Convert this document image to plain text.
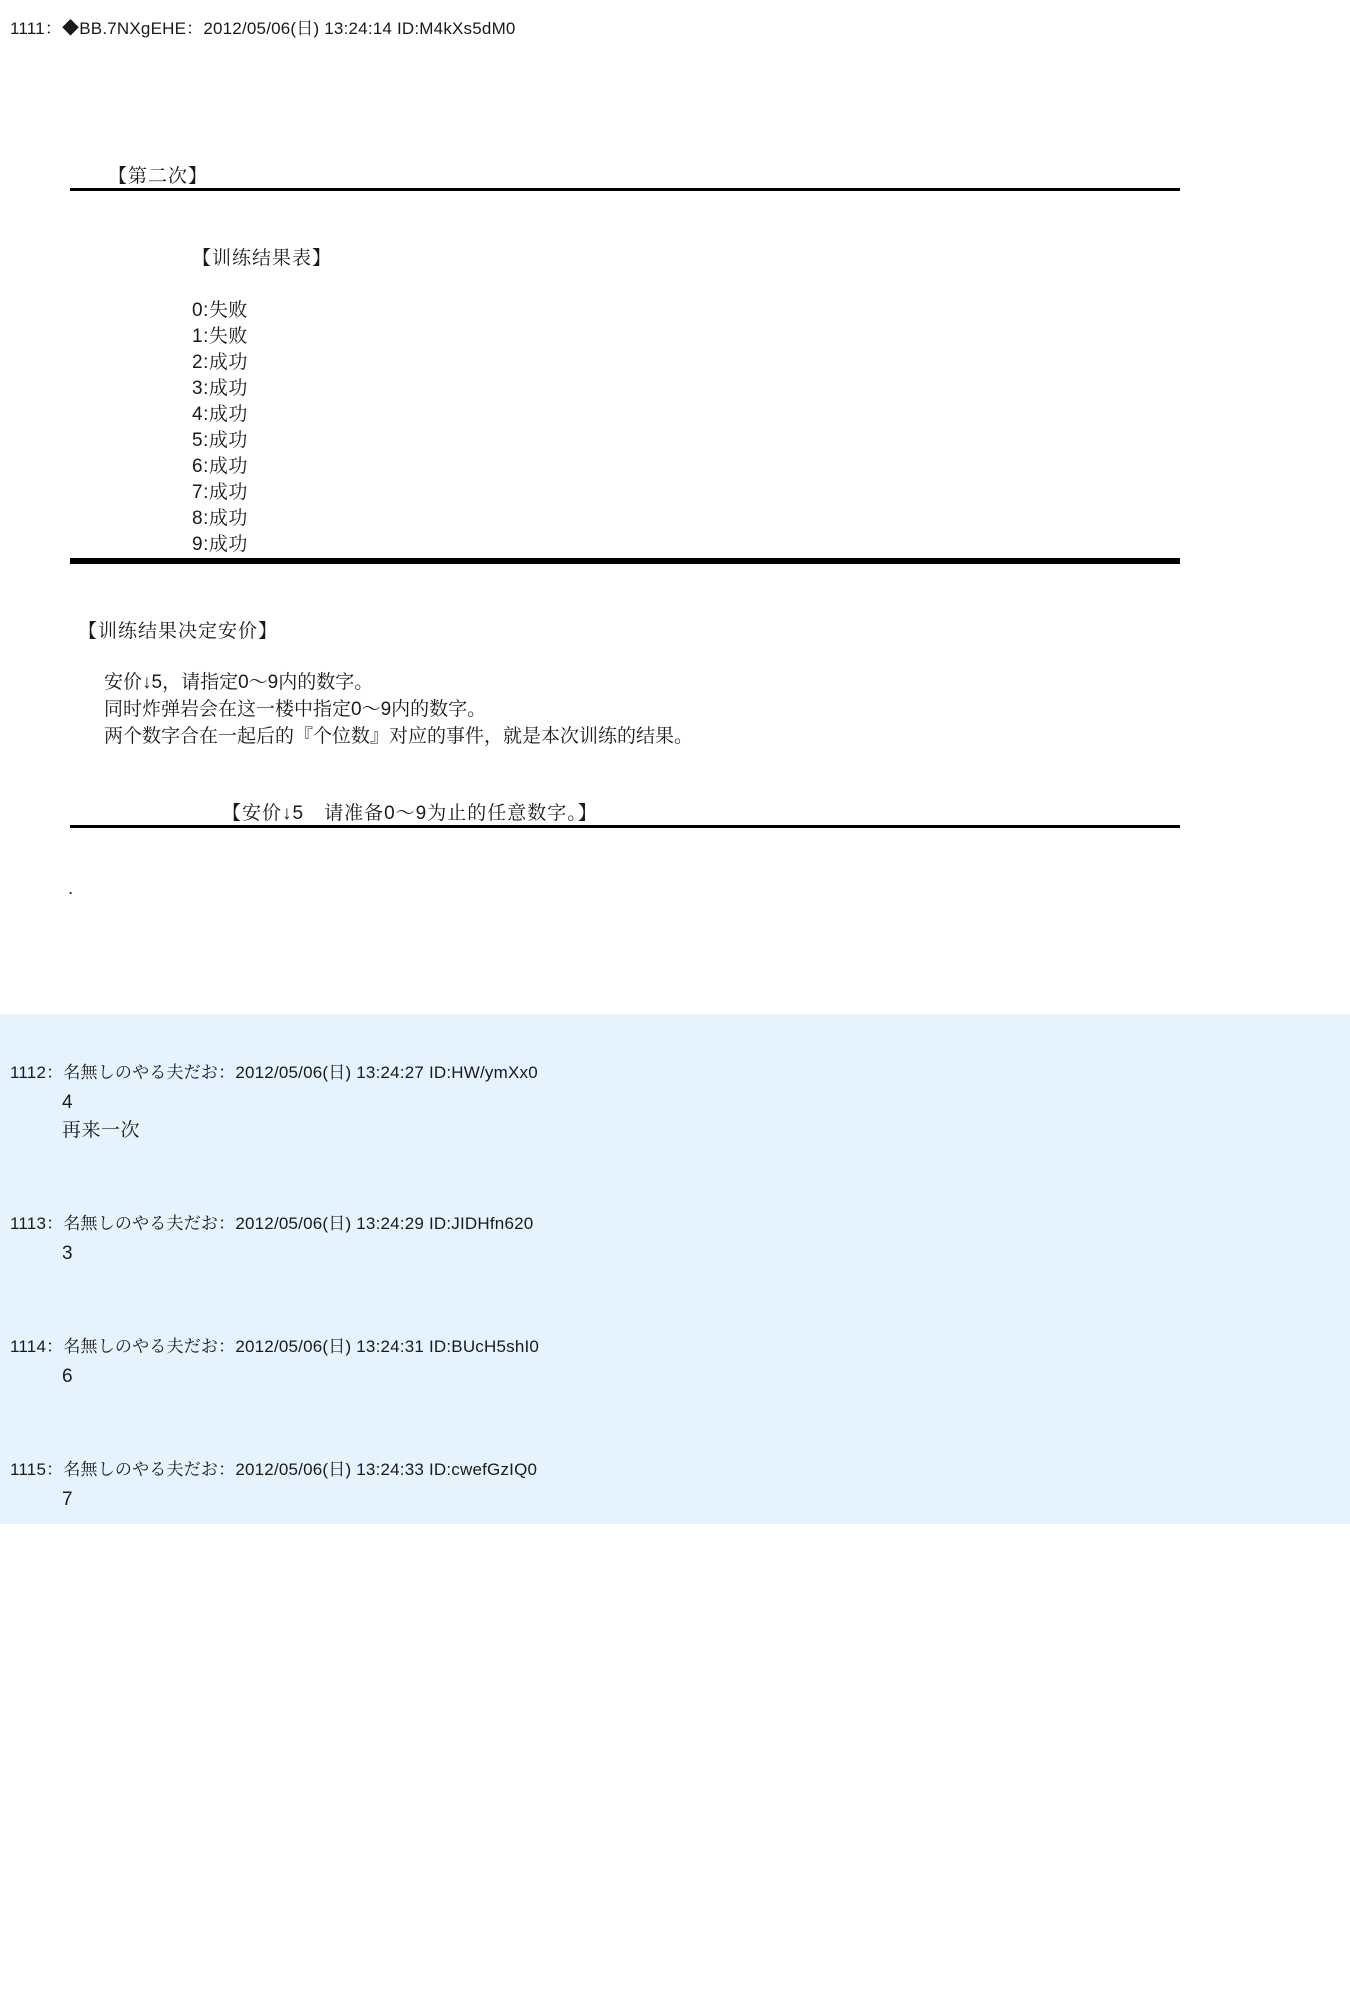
1111：◆BB.7NXgEHE：2012/05/06(日) 13:24:14 ID:M4kXs5dM0
【第二次】
【训练结果表】
0:失败
1:失败
2:成功
3:成功
4:成功
5:成功
6:成功
7:成功
8:成功
9:成功
【训练结果决定安价】
安价↓5，请指定0～9内的数字。
同时炸弹岩会在这一楼中指定0～9内的数字。
两个数字合在一起后的『个位数』对应的事件，就是本次训练的结果。
【安价↓5　请准备0～9为止的任意数字。】
.
1112：名無しのやる夫だお：2012/05/06(日) 13:24:27 ID:HW/ymXx0
4
再来一次
1113：名無しのやる夫だお：2012/05/06(日) 13:24:29 ID:JIDHfn620
3
1114：名無しのやる夫だお：2012/05/06(日) 13:24:31 ID:BUcH5shI0
6
1115：名無しのやる夫だお：2012/05/06(日) 13:24:33 ID:cwefGzIQ0
7
